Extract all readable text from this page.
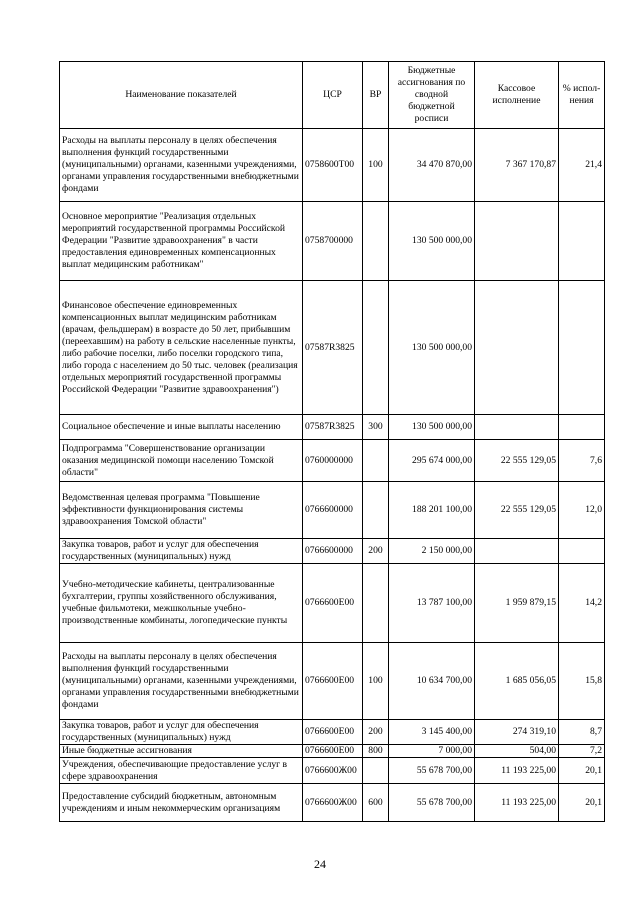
Наименование показателей	ЦСР	ВР	Бюджетные ассигнования по сводной бюджетной росписи	Кассовое исполнение	% испол-нения
Расходы на выплаты персоналу в целях обеспечения выполнения функций государственными (муниципальными) органами, казенными учреждениями, органами управления государственными внебюджетными фондами	0758600Т00	100	34 470 870,00	7 367 170,87	21,4
Основное мероприятие "Реализация отдельных мероприятий государственной программы Российской Федерации "Развитие здравоохранения" в части предоставления единовременных компенсационных выплат медицинским работникам"	0758700000		130 500 000,00		
Финансовое обеспечение единовременных компенсационных выплат медицинским работникам (врачам, фельдшерам) в возрасте до 50 лет, прибывшим (переехавшим) на работу в сельские населенные пункты, либо рабочие поселки, либо поселки городского типа, либо города с населением до 50 тыс. человек (реализация отдельных мероприятий государственной программы Российской Федерации "Развитие здравоохранения")	07587R3825		130 500 000,00		
Социальное обеспечение и иные выплаты населению	07587R3825	300	130 500 000,00		
Подпрограмма "Совершенствование организации оказания медицинской помощи населению Томской области"	0760000000		295 674 000,00	22 555 129,05	7,6
Ведомственная целевая программа "Повышение эффективности функционирования системы здравоохранения Томской области"	0766600000		188 201 100,00	22 555 129,05	12,0
Закупка товаров, работ и услуг для обеспечения государственных (муниципальных) нужд	0766600000	200	2 150 000,00		
Учебно-методические кабинеты, централизованные бухгалтерии, группы хозяйственного обслуживания, учебные фильмотеки, межшкольные учебно-производственные комбинаты, логопедические пункты	0766600Е00		13 787 100,00	1 959 879,15	14,2
Расходы на выплаты персоналу в целях обеспечения выполнения функций государственными (муниципальными) органами, казенными учреждениями, органами управления государственными внебюджетными фондами	0766600Е00	100	10 634 700,00	1 685 056,05	15,8
Закупка товаров, работ и услуг для обеспечения государственных (муниципальных) нужд	0766600Е00	200	3 145 400,00	274 319,10	8,7
Иные бюджетные ассигнования	0766600Е00	800	7 000,00	504,00	7,2
Учреждения, обеспечивающие предоставление услуг в сфере здравоохранения	0766600Ж00		55 678 700,00	11 193 225,00	20,1
Предоставление субсидий бюджетным, автономным учреждениям и иным некоммерческим организациям	0766600Ж00	600	55 678 700,00	11 193 225,00	20,1
24
